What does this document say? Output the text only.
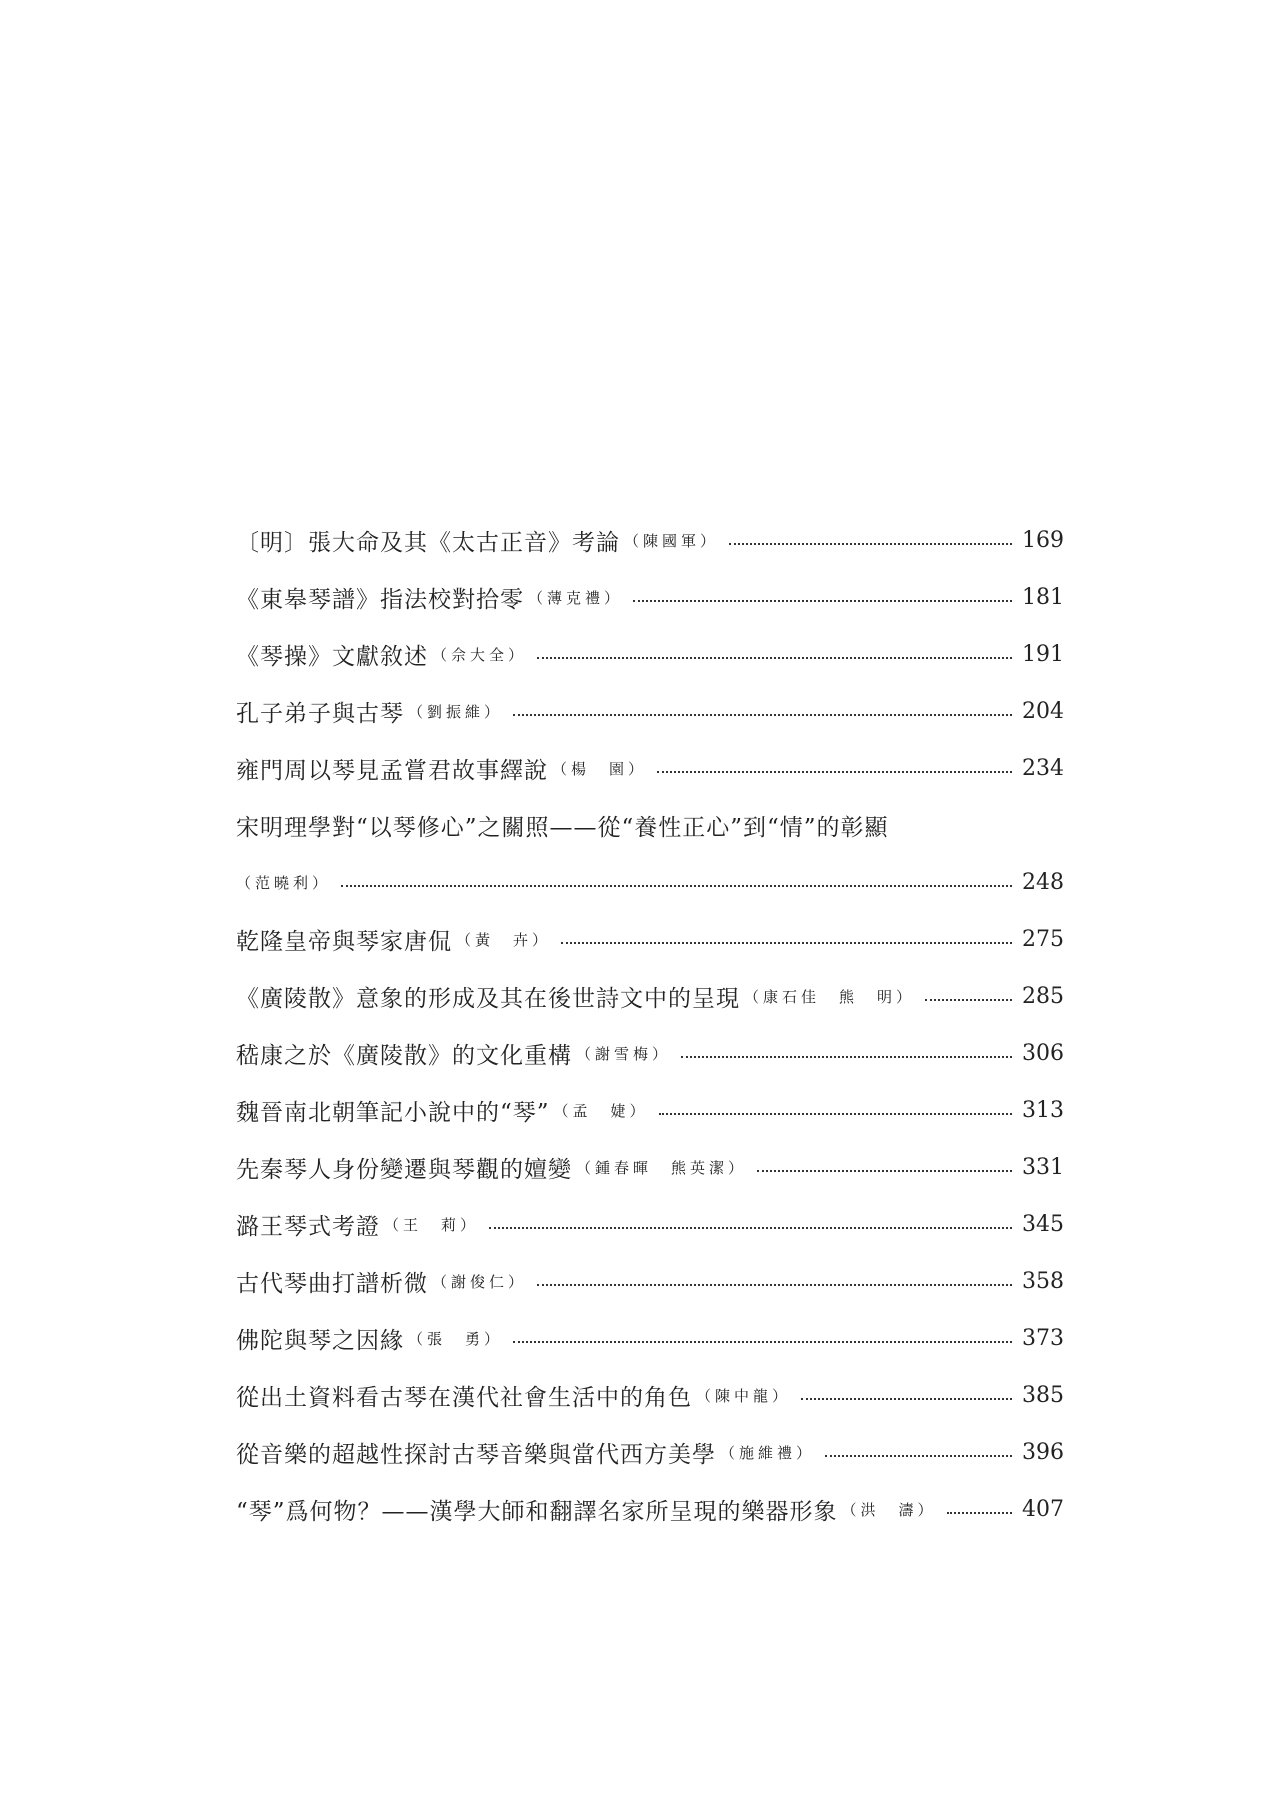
〔明〕張大命及其《太古正音》考論 （陳國軍）	169
《東皋琴譜》指法校對拾零 （薄克禮）	181
《琴操》文獻敘述 （佘大全）	191
孔子弟子與古琴 （劉振維）	204
雍門周以琴見孟嘗君故事繹說 （楊　園）	234
宋明理學對“以琴修心”之關照——從“養性正心”到“情”的彰顯
（范曉利）	248
乾隆皇帝與琴家唐侃 （黃　卉）	275
《廣陵散》意象的形成及其在後世詩文中的呈現 （康石佳　熊　明）	285
嵇康之於《廣陵散》的文化重構 （謝雪梅）	306
魏晉南北朝筆記小說中的“琴” （孟　婕）	313
先秦琴人身份變遷與琴觀的嬗變 （鍾春暉　熊英潔）	331
潞王琴式考證 （王　莉）	345
古代琴曲打譜析微 （謝俊仁）	358
佛陀與琴之因緣 （張　勇）	373
從出土資料看古琴在漢代社會生活中的角色 （陳中龍）	385
從音樂的超越性探討古琴音樂與當代西方美學 （施維禮）	396
“琴”爲何物？——漢學大師和翻譯名家所呈現的樂器形象 （洪　濤）	407
